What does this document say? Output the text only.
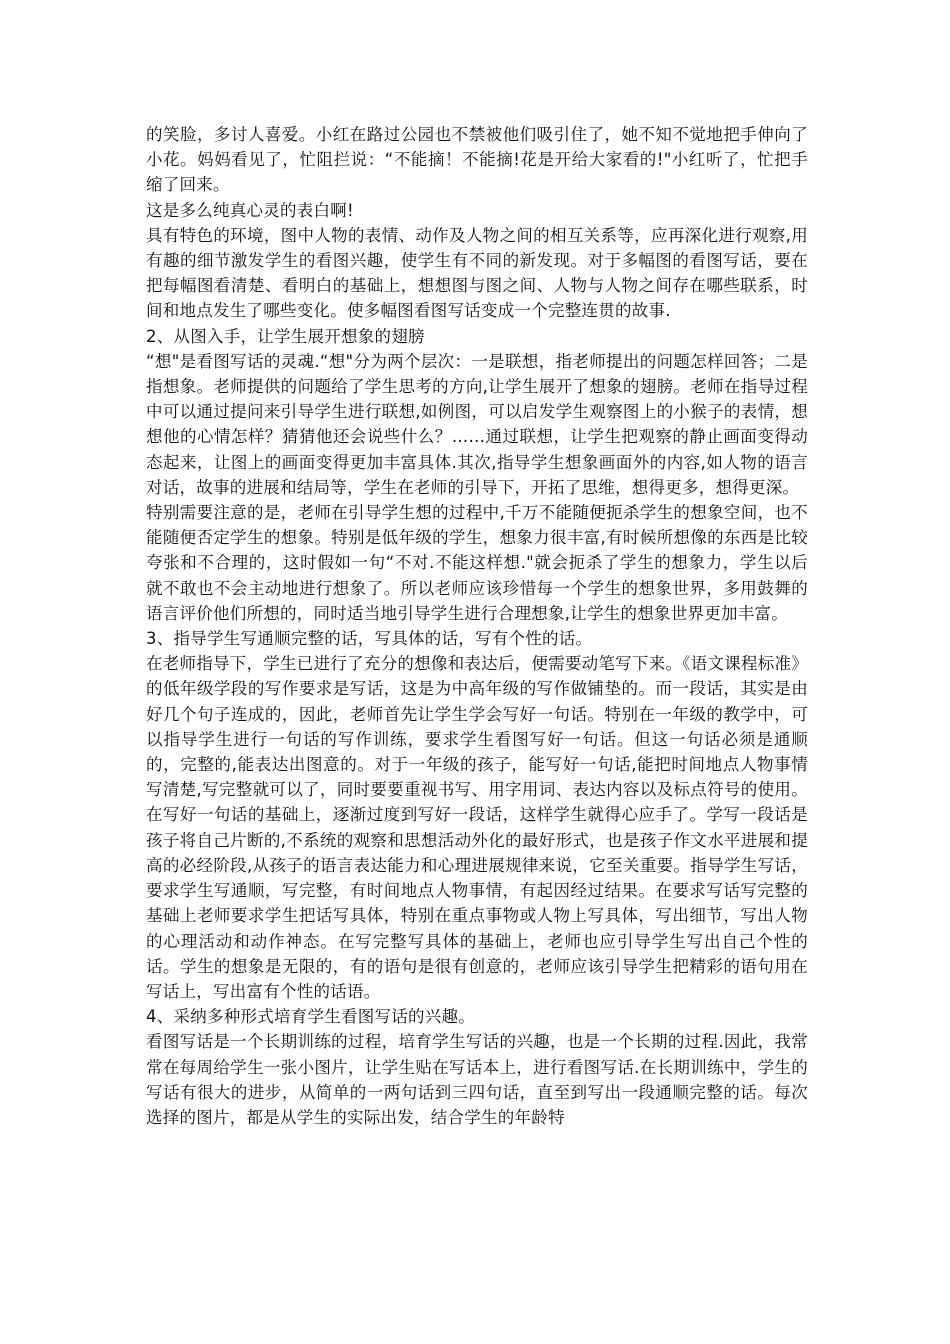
的笑脸，多讨人喜爱。小红在路过公园也不禁被他们吸引住了，她不知不觉地把手伸向了小花。妈妈看见了，忙阻拦说：“不能摘！不能摘!花是开给大家看的!"小红听了，忙把手缩了回来。

这是多么纯真心灵的表白啊!

具有特色的环境，图中人物的表情、动作及人物之间的相互关系等，应再深化进行观察,用有趣的细节激发学生的看图兴趣，使学生有不同的新发现。对于多幅图的看图写话，要在把每幅图看清楚、看明白的基础上，想想图与图之间、人物与人物之间存在哪些联系，时间和地点发生了哪些变化。使多幅图看图写话变成一个完整连贯的故事.

2、从图入手，让学生展开想象的翅膀

“想"是看图写话的灵魂.“想"分为两个层次：一是联想，指老师提出的问题怎样回答；二是指想象。老师提供的问题给了学生思考的方向,让学生展开了想象的翅膀。老师在指导过程中可以通过提问来引导学生进行联想,如例图，可以启发学生观察图上的小猴子的表情，想想他的心情怎样？猜猜他还会说些什么？……通过联想，让学生把观察的静止画面变得动态起来，让图上的画面变得更加丰富具体.其次,指导学生想象画面外的内容,如人物的语言对话，故事的进展和结局等，学生在老师的引导下，开拓了思维，想得更多，想得更深。

特别需要注意的是，老师在引导学生想的过程中,千万不能随便扼杀学生的想象空间，也不能随便否定学生的想象。特别是低年级的学生，想象力很丰富,有时候所想像的东西是比较夸张和不合理的，这时假如一句“不对.不能这样想."就会扼杀了学生的想象力，学生以后就不敢也不会主动地进行想象了。所以老师应该珍惜每一个学生的想象世界，多用鼓舞的语言评价他们所想的，同时适当地引导学生进行合理想象,让学生的想象世界更加丰富。

3、指导学生写通顺完整的话，写具体的话，写有个性的话。

在老师指导下，学生已进行了充分的想像和表达后，便需要动笔写下来。《语文课程标准》的低年级学段的写作要求是写话，这是为中高年级的写作做铺垫的。而一段话，其实是由好几个句子连成的，因此，老师首先让学生学会写好一句话。特别在一年级的教学中，可以指导学生进行一句话的写作训练，要求学生看图写好一句话。但这一句话必须是通顺的，完整的,能表达出图意的。对于一年级的孩子，能写好一句话,能把时间地点人物事情写清楚,写完整就可以了，同时要要重视书写、用字用词、表达内容以及标点符号的使用。在写好一句话的基础上，逐渐过度到写好一段话，这样学生就得心应手了。学写一段话是孩子将自己片断的,不系统的观察和思想活动外化的最好形式，也是孩子作文水平进展和提高的必经阶段,从孩子的语言表达能力和心理进展规律来说，它至关重要。指导学生写话，要求学生写通顺，写完整，有时间地点人物事情，有起因经过结果。在要求写话写完整的基础上老师要求学生把话写具体，特别在重点事物或人物上写具体，写出细节，写出人物的心理活动和动作神态。在写完整写具体的基础上，老师也应引导学生写出自己个性的话。学生的想象是无限的，有的语句是很有创意的，老师应该引导学生把精彩的语句用在写话上，写出富有个性的话语。

4、采纳多种形式培育学生看图写话的兴趣。

看图写话是一个长期训练的过程，培育学生写话的兴趣，也是一个长期的过程.因此，我常常在每周给学生一张小图片，让学生贴在写话本上，进行看图写话.在长期训练中，学生的写话有很大的进步，从简单的一两句话到三四句话，直至到写出一段通顺完整的话。每次选择的图片，都是从学生的实际出发，结合学生的年龄特
